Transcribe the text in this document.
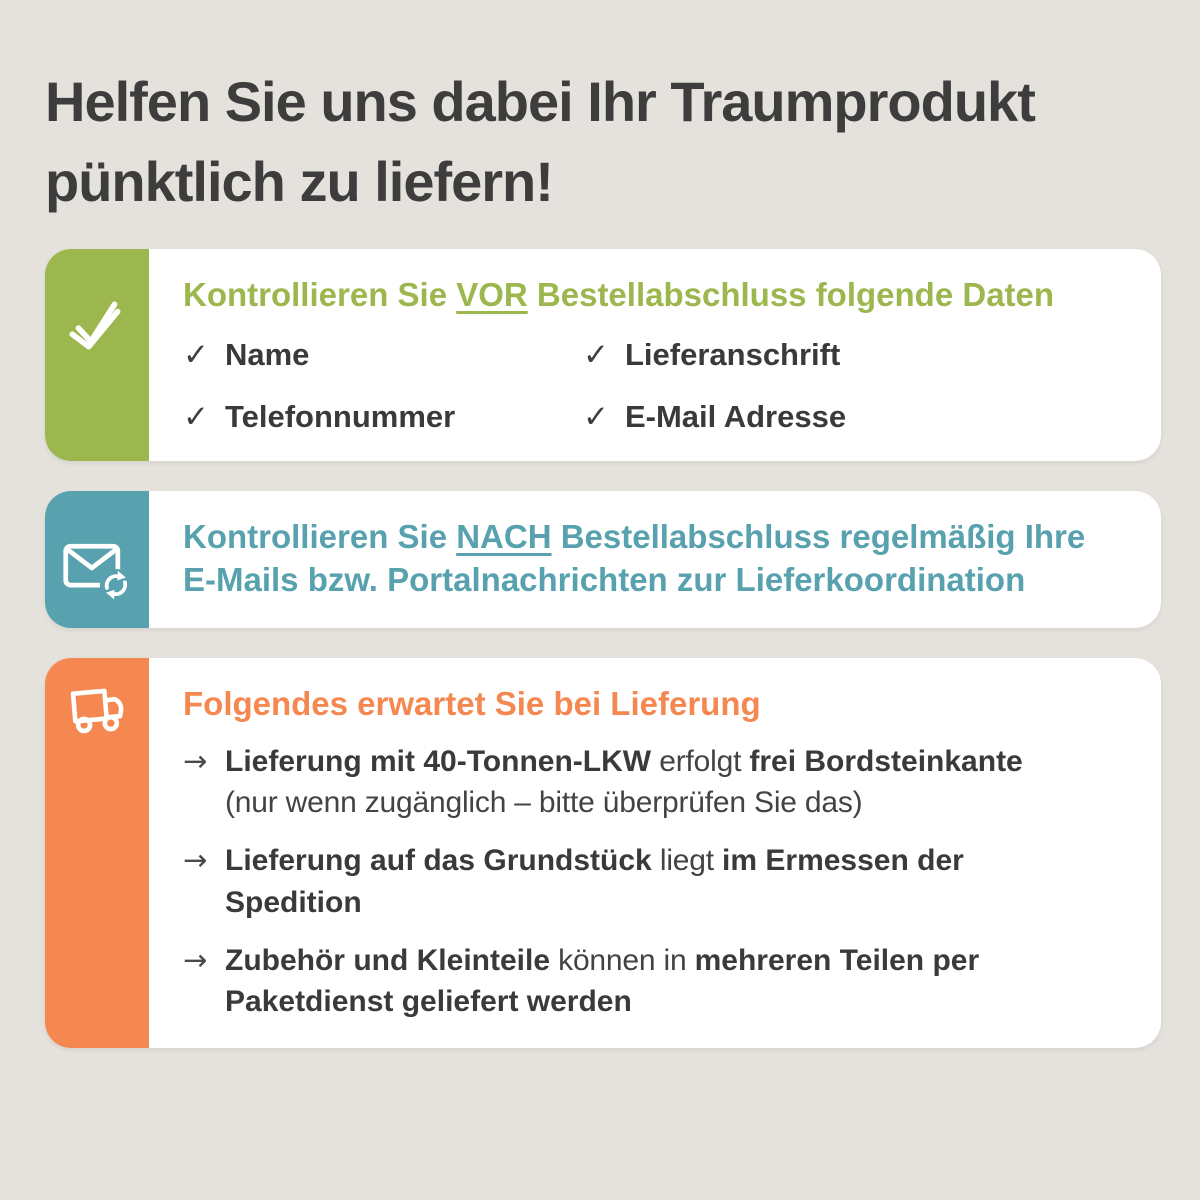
Helfen Sie uns dabei Ihr Traumprodukt
pünktlich zu liefern!
Kontrollieren Sie VOR Bestellabschluss folgende Daten
✓
Name ✓	Lieferanschrift
✓
Telefonnummer ✓	E-Mail Adresse
Kontrollieren Sie NACH Bestellabschluss regelmäßig Ihre E-Mails bzw. Portalnachrichten zur Lieferkoordination
Folgendes erwartet Sie bei Lieferung
→
Lieferung mit 40-Tonnen-LKW erfolgt frei Bordsteinkante (nur wenn zugänglich – bitte überprüfen Sie das)
→
Lieferung auf das Grundstück liegt im Ermessen der Spedition
→
Zubehör und Kleinteile können in mehreren Teilen per Paketdienst geliefert werden
